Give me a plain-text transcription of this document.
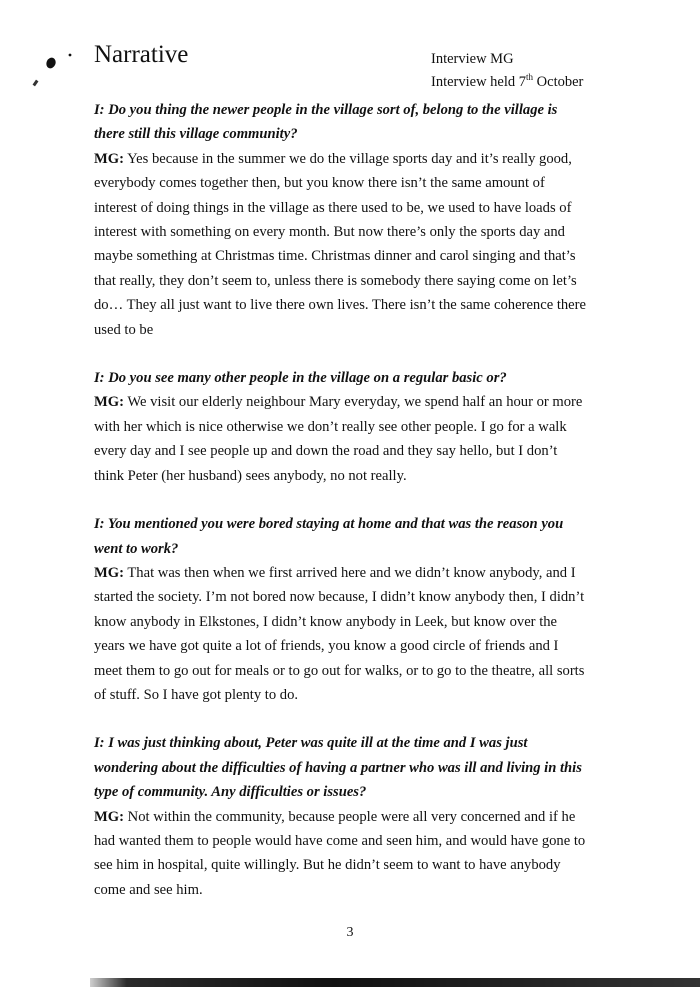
Narrative	Interview MG
Interview held 7th October

I: Do you thing the newer people in the village sort of, belong to the village is there still this village community?

MG: Yes because in the summer we do the village sports day and it’s really good, everybody comes together then, but you know there isn’t the same amount of interest of doing things in the village as there used to be, we used to have loads of interest with something on every month. But now there’s only the sports day and maybe something at Christmas time. Christmas dinner and carol singing and that’s that really, they don’t seem to, unless there is somebody there saying come on let’s do… They all just want to live there own lives. There isn’t the same coherence there used to be

I: Do you see many other people in the village on a regular basic or?

MG: We visit our elderly neighbour Mary everyday, we spend half an hour or more with her which is nice otherwise we don’t really see other people. I go for a walk every day and I see people up and down the road and they say hello, but I don’t think Peter (her husband) sees anybody, no not really.

I: You mentioned you were bored staying at home and that was the reason you went to work?

MG: That was then when we first arrived here and we didn’t know anybody, and I started the society. I’m not bored now because, I didn’t know anybody then, I didn’t know anybody in Elkstones, I didn’t know anybody in Leek, but know over the years we have got quite a lot of friends, you know a good circle of friends and I meet them to go out for meals or to go out for walks, or to go to the theatre, all sorts of stuff. So I have got plenty to do.

I: I was just thinking about, Peter was quite ill at the time and I was just wondering about the difficulties of having a partner who was ill and living in this type of community. Any difficulties or issues?

MG: Not within the community, because people were all very concerned and if he had wanted them to people would have come and seen him, and would have gone to see him in hospital, quite willingly. But he didn’t seem to want to have anybody come and see him.

3
